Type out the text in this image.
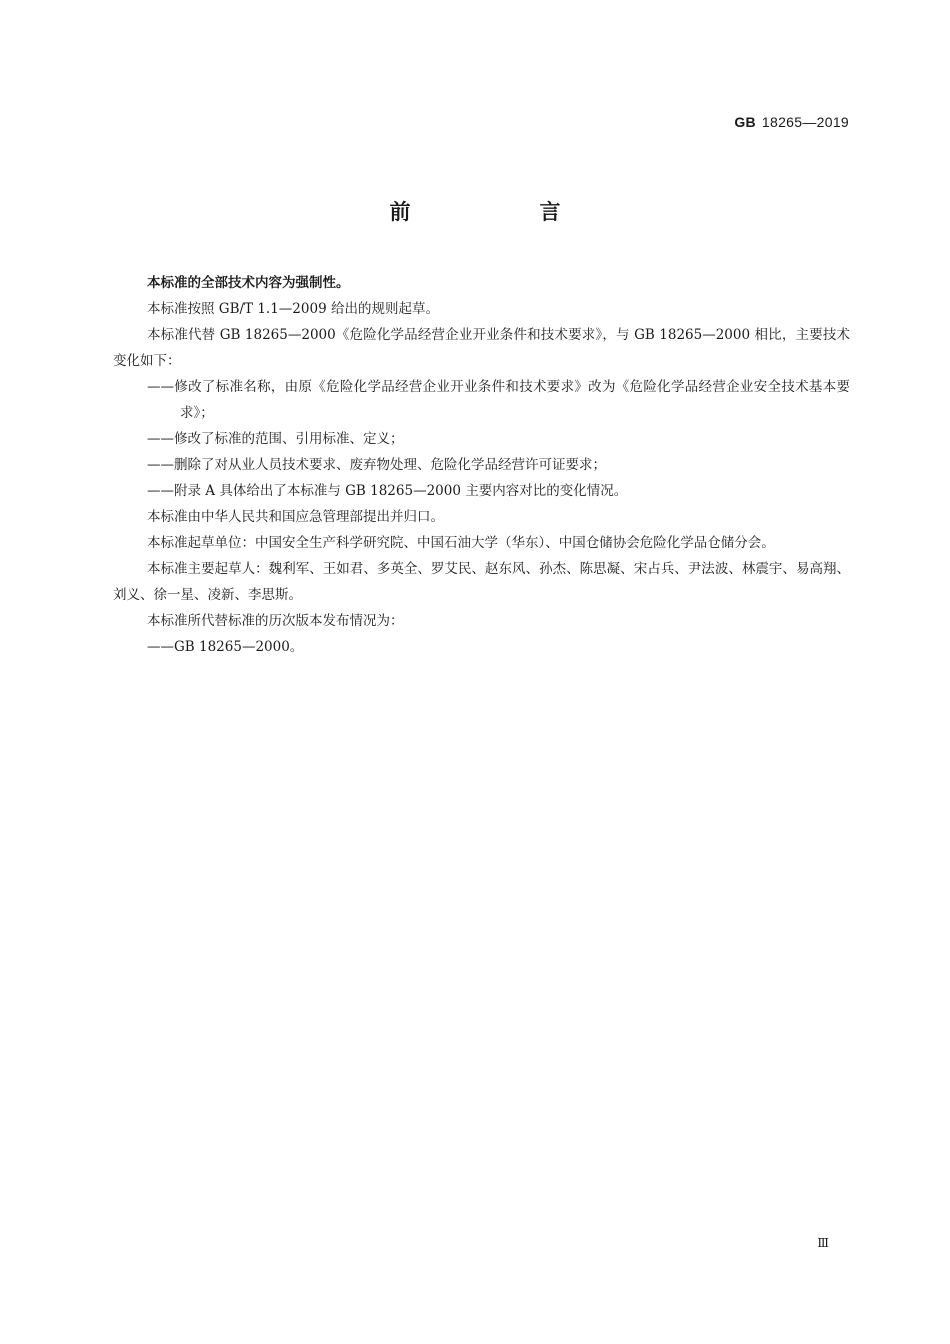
GB 18265—2019
前　言

本标准的全部技术内容为强制性。

本标准按照 GB/T 1.1—2009 给出的规则起草。

本标准代替 GB 18265—2000《危险化学品经营企业开业条件和技术要求》，与 GB 18265—2000 相比，主要技术变化如下：

——修改了标准名称，由原《危险化学品经营企业开业条件和技术要求》改为《危险化学品经营企业安全技术基本要求》；

——修改了标准的范围、引用标准、定义；

——删除了对从业人员技术要求、废弃物处理、危险化学品经营许可证要求；

——附录 A 具体给出了本标准与 GB 18265—2000 主要内容对比的变化情况。

本标准由中华人民共和国应急管理部提出并归口。

本标准起草单位：中国安全生产科学研究院、中国石油大学（华东）、中国仓储协会危险化学品仓储分会。

本标准主要起草人：魏利军、王如君、多英全、罗艾民、赵东风、孙杰、陈思凝、宋占兵、尹法波、林震宇、易高翔、刘义、徐一星、凌新、李思斯。

本标准所代替标准的历次版本发布情况为：

——GB 18265—2000。

Ⅲ
